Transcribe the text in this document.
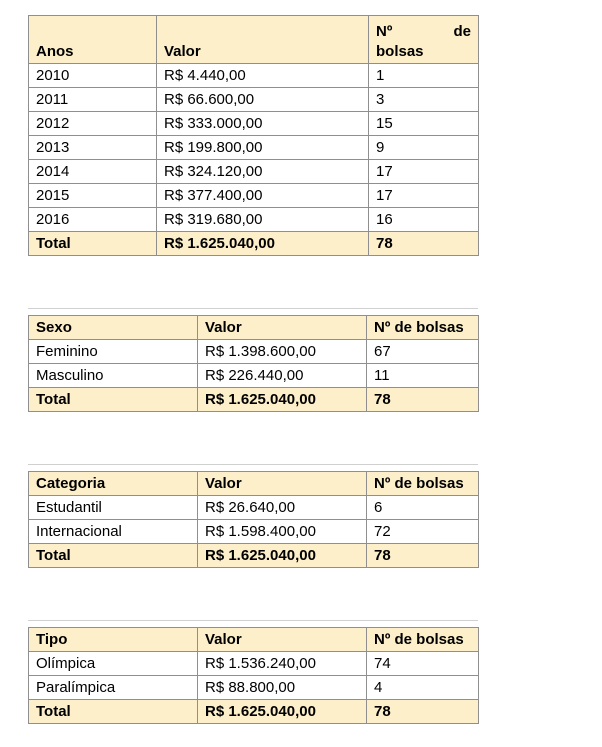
Anos	Valor	Nº de
bolsas

2010	R$ 4.440,00	1
2011	R$ 66.600,00	3
2012	R$ 333.000,00	15
2013	R$ 199.800,00	9
2014	R$ 324.120,00	17
2015	R$ 377.400,00	17
2016	R$ 319.680,00	16
Total	R$ 1.625.040,00	78
Sexo	Valor	Nº de bolsas
Feminino	R$ 1.398.600,00	67
Masculino	R$ 226.440,00	11
Total	R$ 1.625.040,00	78
Categoria	Valor	Nº de bolsas
Estudantil	R$ 26.640,00	6
Internacional	R$ 1.598.400,00	72
Total	R$ 1.625.040,00	78
Tipo	Valor	Nº de bolsas
Olímpica	R$ 1.536.240,00	74
Paralímpica	R$ 88.800,00	4
Total	R$ 1.625.040,00	78
